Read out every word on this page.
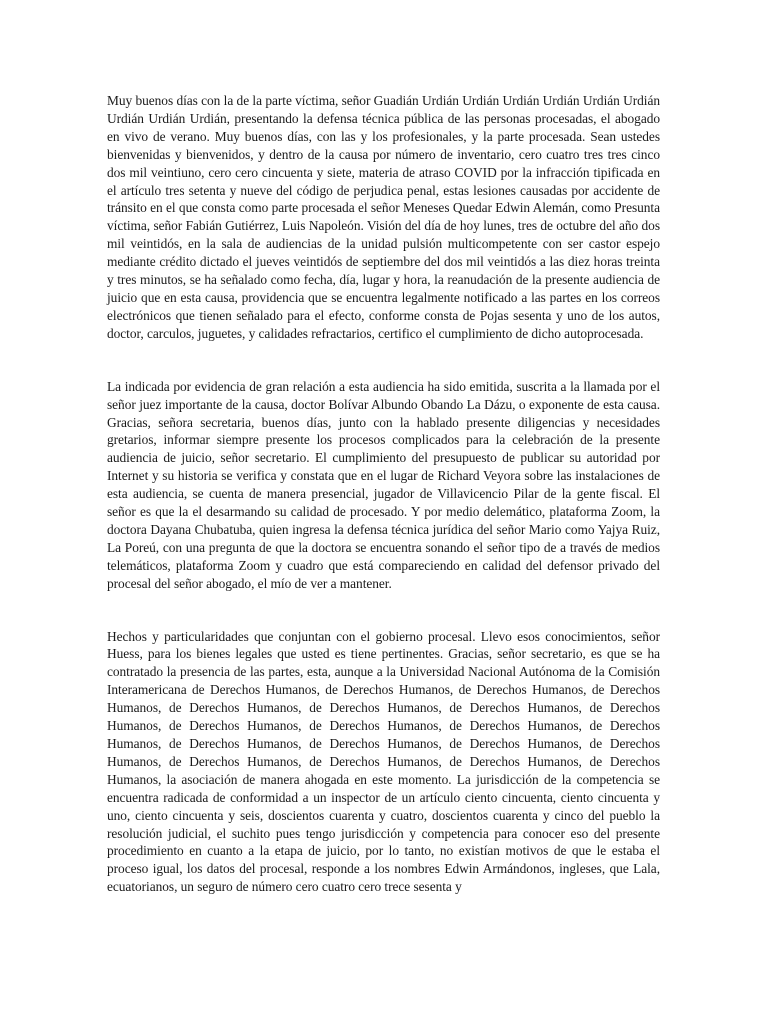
Muy buenos días con la de la parte víctima, señor Guadián Urdián Urdián Urdián Urdián Urdián Urdián Urdián Urdián Urdián, presentando la defensa técnica pública de las personas procesadas, el abogado en vivo de verano. Muy buenos días, con las y los profesionales, y la parte procesada. Sean ustedes bienvenidas y bienvenidos, y dentro de la causa por número de inventario, cero cuatro tres tres cinco dos mil veintiuno, cero cero cincuenta y siete, materia de atraso COVID por la infracción tipificada en el artículo tres setenta y nueve del código de perjudica penal, estas lesiones causadas por accidente de tránsito en el que consta como parte procesada el señor Meneses Quedar Edwin Alemán, como Presunta víctima, señor Fabián Gutiérrez, Luis Napoleón. Visión del día de hoy lunes, tres de octubre del año dos mil veintidós, en la sala de audiencias de la unidad pulsión multicompetente con ser castor espejo mediante crédito dictado el jueves veintidós de septiembre del dos mil veintidós a las diez horas treinta y tres minutos, se ha señalado como fecha, día, lugar y hora, la reanudación de la presente audiencia de juicio que en esta causa, providencia que se encuentra legalmente notificado a las partes en los correos electrónicos que tienen señalado para el efecto, conforme consta de Pojas sesenta y uno de los autos, doctor, carculos, juguetes, y calidades refractarios, certifico el cumplimiento de dicho autoprocesada.

La indicada por evidencia de gran relación a esta audiencia ha sido emitida, suscrita a la llamada por el señor juez importante de la causa, doctor Bolívar Albundo Obando La Dázu, o exponente de esta causa. Gracias, señora secretaria, buenos días, junto con la hablado presente diligencias y necesidades gretarios, informar siempre presente los procesos complicados para la celebración de la presente audiencia de juicio, señor secretario. El cumplimiento del presupuesto de publicar su autoridad por Internet y su historia se verifica y constata que en el lugar de Richard Veyora sobre las instalaciones de esta audiencia, se cuenta de manera presencial, jugador de Villavicencio Pilar de la gente fiscal. El señor es que la el desarmando su calidad de procesado. Y por medio delemático, plataforma Zoom, la doctora Dayana Chubatuba, quien ingresa la defensa técnica jurídica del señor Mario como Yajya Ruiz, La Poreú, con una pregunta de que la doctora se encuentra sonando el señor tipo de a través de medios telemáticos, plataforma Zoom y cuadro que está compareciendo en calidad del defensor privado del procesal del señor abogado, el mío de ver a mantener.

Hechos y particularidades que conjuntan con el gobierno procesal. Llevo esos conocimientos, señor Huess, para los bienes legales que usted es tiene pertinentes. Gracias, señor secretario, es que se ha contratado la presencia de las partes, esta, aunque a la Universidad Nacional Autónoma de la Comisión Interamericana de Derechos Humanos, de Derechos Humanos, de Derechos Humanos, de Derechos Humanos, de Derechos Humanos, de Derechos Humanos, de Derechos Humanos, de Derechos Humanos, de Derechos Humanos, de Derechos Humanos, de Derechos Humanos, de Derechos Humanos, de Derechos Humanos, de Derechos Humanos, de Derechos Humanos, de Derechos Humanos, de Derechos Humanos, de Derechos Humanos, de Derechos Humanos, de Derechos Humanos, la asociación de manera ahogada en este momento. La jurisdicción de la competencia se encuentra radicada de conformidad a un inspector de un artículo ciento cincuenta, ciento cincuenta y uno, ciento cincuenta y seis, doscientos cuarenta y cuatro, doscientos cuarenta y cinco del pueblo la resolución judicial, el suchito pues tengo jurisdicción y competencia para conocer eso del presente procedimiento en cuanto a la etapa de juicio, por lo tanto, no existían motivos de que le estaba el proceso igual, los datos del procesal, responde a los nombres Edwin Armándonos, ingleses, que Lala, ecuatorianos, un seguro de número cero cuatro cero trece sesenta y
